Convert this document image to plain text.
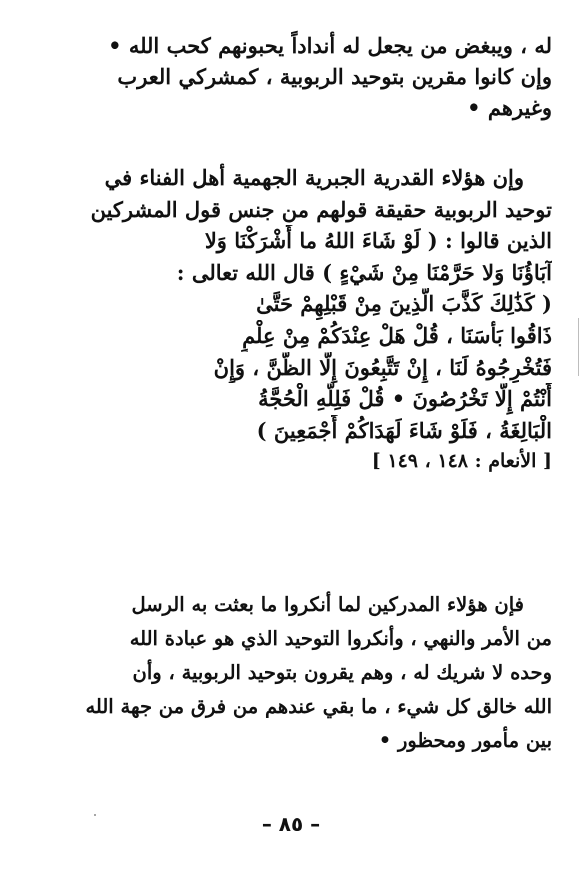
له ، ويبغض من يجعل له أنداداً يحبونهم كحب الله •
وإن كانوا مقرين بتوحيد الربوبية ، كمشركي العرب
وغيرهم •
وإن هؤلاء القدرية الجبرية الجهمية أهل الفناء في
توحيد الربوبية حقيقة قولهم من جنس قول المشركين
الذين قالوا : ( لَوْ شَاءَ اللهُ ما أَشْرَكْنَا وَلا
آبَاؤُنَا وَلا حَرَّمْنَا مِنْ شَيْءٍ ) قال الله تعالى :
( كَذَٰلِكَ كَذَّبَ الَّذِينَ مِنْ قَبْلِهِمْ حَتَّىٰ
ذَاقُوا بَأْسَنَا ، قُلْ هَلْ عِنْدَكُمْ مِنْ عِلْمٍ
فَتُخْرِجُوهُ لَنَا ، إِنْ تَتَّبِعُونَ إِلَّا الظَّنَّ ، وَإِنْ
أَنْتُمْ إِلَّا تَخْرُصُونَ • قُلْ فَلِلَّهِ الْحُجَّةُ
الْبَالِغَةُ ، فَلَوْ شَاءَ لَهَدَاكُمْ أَجْمَعِينَ )
[ الأنعام : ١٤٨ ، ١٤٩ ]
فإن هؤلاء المدركين لما أنكروا ما بعثت به الرسل
من الأمر والنهي ، وأنكروا التوحيد الذي هو عبادة الله
وحده لا شريك له ، وهم يقرون بتوحيد الربوبية ، وأن
الله خالق كل شيء ، ما بقي عندهم من فرق من جهة الله
بين مأمور ومحظور •
– ٨٥ –
